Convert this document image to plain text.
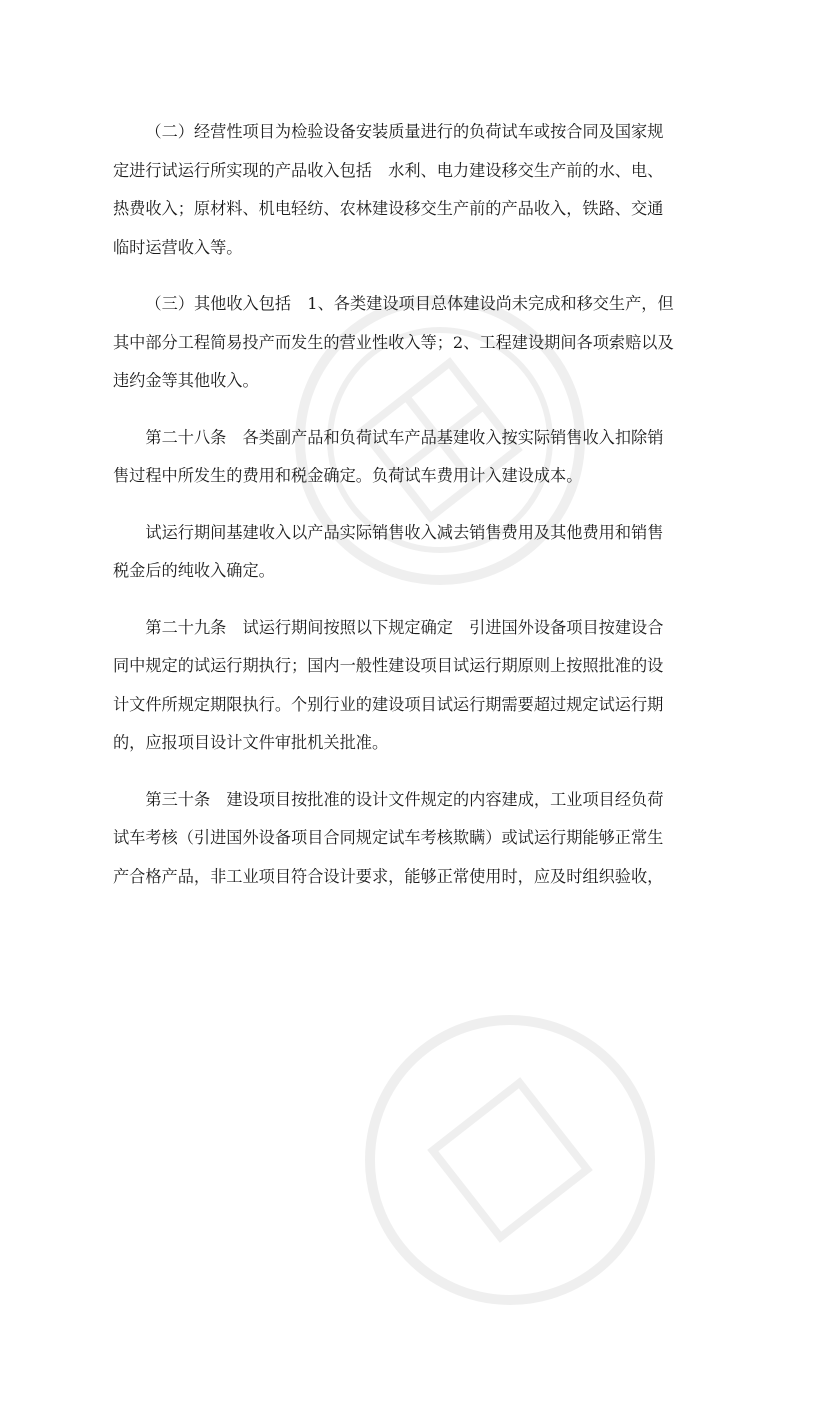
（二）经营性项目为检验设备安装质量进行的负荷试车或按合同及国家规
定进行试运行所实现的产品收入包括　水利、电力建设移交生产前的水、电、
热费收入；原材料、机电轻纺、农林建设移交生产前的产品收入，铁路、交通
临时运营收入等。

（三）其他收入包括　1、各类建设项目总体建设尚未完成和移交生产，但
其中部分工程简易投产而发生的营业性收入等；2、工程建设期间各项索赔以及
违约金等其他收入。

第二十八条　各类副产品和负荷试车产品基建收入按实际销售收入扣除销
售过程中所发生的费用和税金确定。负荷试车费用计入建设成本。

试运行期间基建收入以产品实际销售收入减去销售费用及其他费用和销售
税金后的纯收入确定。

第二十九条　试运行期间按照以下规定确定　引进国外设备项目按建设合
同中规定的试运行期执行；国内一般性建设项目试运行期原则上按照批准的设
计文件所规定期限执行。个别行业的建设项目试运行期需要超过规定试运行期
的，应报项目设计文件审批机关批准。

第三十条　建设项目按批准的设计文件规定的内容建成，工业项目经负荷
试车考核（引进国外设备项目合同规定试车考核欺瞒）或试运行期能够正常生
产合格产品，非工业项目符合设计要求，能够正常使用时，应及时组织验收，
